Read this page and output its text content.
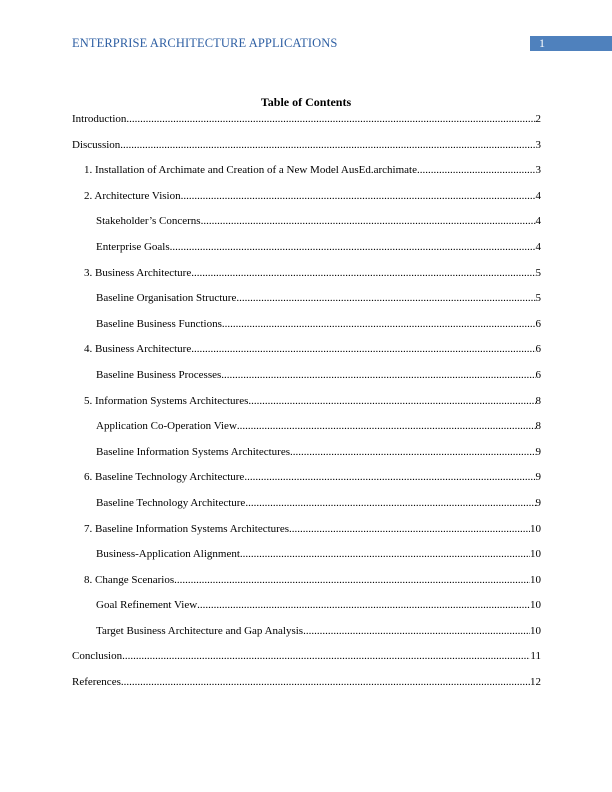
ENTERPRISE ARCHITECTURE APPLICATIONS	1
Table of Contents
Introduction .....	2
Discussion .....	3
1. Installation of Archimate and Creation of a New Model AusEd.archimate .....	3
2. Architecture Vision .....	4
Stakeholder’s Concerns .....	4
Enterprise Goals .....	4
3. Business Architecture .....	5
Baseline Organisation Structure .....	5
Baseline Business Functions .....	6
4. Business Architecture .....	6
Baseline Business Processes .....	6
5. Information Systems Architectures .....	8
Application Co-Operation View .....	8
Baseline Information Systems Architectures .....	9
6. Baseline Technology Architecture .....	9
Baseline Technology Architecture .....	9
7. Baseline Information Systems Architectures .....	10
Business-Application Alignment .....	10
8. Change Scenarios .....	10
Goal Refinement View .....	10
Target Business Architecture and Gap Analysis .....	10
Conclusion .....	11
References .....	12
